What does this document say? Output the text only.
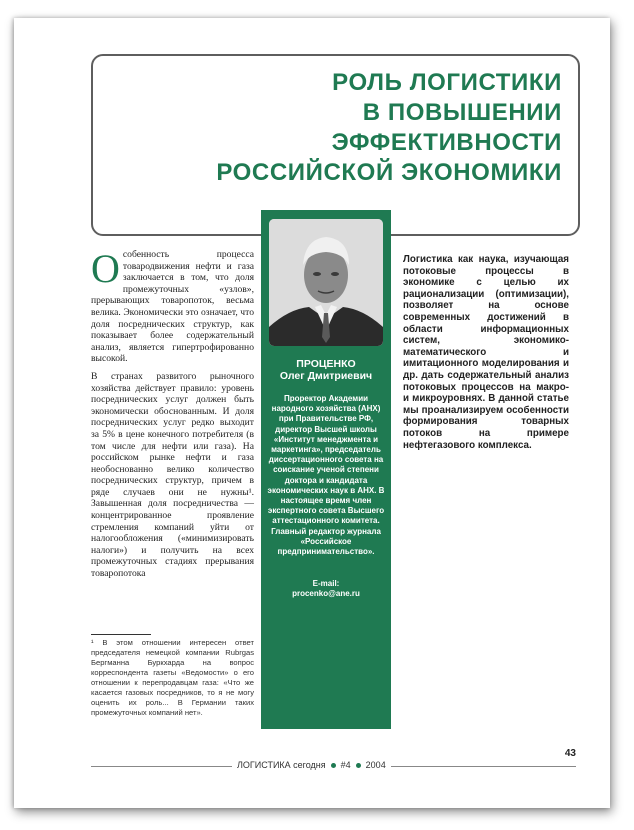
РОЛЬ ЛОГИСТИКИ
В ПОВЫШЕНИИ
ЭФФЕКТИВНОСТИ
РОССИЙСКОЙ ЭКОНОМИКИ

Особенность процесса товародвижения нефти и газа заключается в том, что доля промежуточных «узлов», прерывающих товаропоток, весьма велика. Экономически это означает, что доля посреднических структур, как показывает более содержательный анализ, является гипертрофированно высокой.

В странах развитого рыночного хозяйства действует правило: уровень посреднических услуг должен быть экономически обоснованным. И доля посреднических услуг редко выходит за 5% в цене конечного потребителя (в том числе для нефти или газа). На российском рынке нефти и газа необоснованно велико количество посреднических структур, причем в ряде случаев они не нужны¹. Завышенная доля посредничества — концентрированное проявление стремления компаний уйти от налогообложения («минимизировать налоги») и получить на всех промежуточных стадиях прерывания товаропотока

¹ В этом отношении интересен ответ председателя немецкой компании Rubrgas Бергманна Буркхарда на вопрос корреспондента газеты «Ведомости» о его отношении к перепродавцам газа: «Что же касается газовых посредников, то я не могу оценить их роль... В Германии таких промежуточных компаний нет».
ПРОЦЕНКО
Олег Дмитриевич
Проректор Академии народного хозяйства (АНХ) при Правительстве РФ, директор Высшей школы «Институт менеджмента и маркетинга», председатель диссертационного совета на соискание ученой степени доктора и кандидата экономических наук в АНХ. В настоящее время член экспертного совета Высшего аттестационного комитета. Главный редактор журнала «Российское предпринимательство».
E-mail:
procenko@ane.ru
Логистика как наука, изучающая потоковые процессы в экономике с целью их рационализации (оптимизации), позволяет на основе современных достижений в области информационных систем, экономико-математического и имитационного моделирования и др. дать содержательный анализ потоковых процессов на макро- и микроуровнях. В данной статье мы проанализируем особенности формирования товарных потоков на примере нефтегазового комплекса.
ЛОГИСТИКА сегодня #4 2004
43
